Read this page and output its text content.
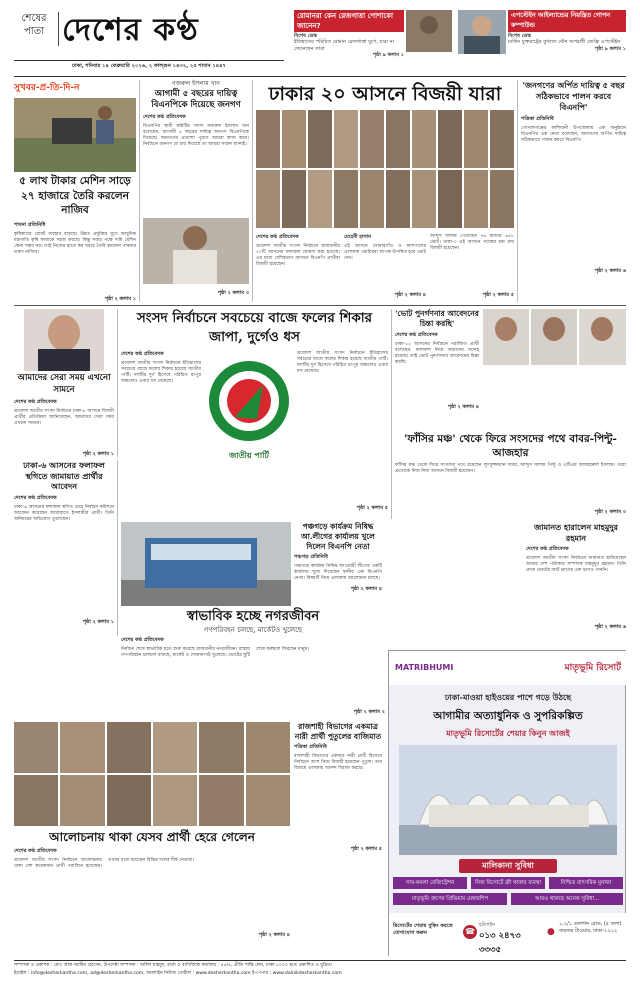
শেষের
পাতা দেশের কণ্ঠ
ঢাকা, শনিবার ১৪ ফেব্রুয়ারি ২০২৬, ২ ফাল্গুন ১৪৩২, ২৫ শাবান ১৪৪৭
রোমানরা কেন রেজগাত্তা পোশাকো জানেন?
বিশেষ ডেস্ক
ইতিহাসের পরিচিত রোমান রেজগাত্তা যুগে, যারা না জেনেছেন তারা
পৃষ্ঠা ৯ কলাম ১
এপস্টেইন আইল্যান্ডের নিয়ন্ত্রিত গোপন কম্পাউন্ড
বিশেষ ডেস্ক
মার্কিন যুক্তরাষ্ট্রের কুখ্যাত যৌন অপরাধী জেফ্রি এপস্টেইন
পৃষ্ঠা ৯ কলাম ১
সুখবর-প্র-তি-দি-ন
৫ লাখ টাকার মেশিন সাড়ে ২৭ হাজারে তৈরি করলেন নাজিব
পাবনা প্রতিনিধি
কৃষিকাজে রোবট ব্যবহার বাড়ছে। উন্নত প্রযুক্তির যুগে আধুনিক যন্ত্রপাতি কৃষি কাজকে সহজ করছে। কিন্তু সবার পক্ষে দামি মেশিন কেনা সম্ভব নয়। তাই নিজের হাতে কম খরচে তৈরি করলেন পাবনার তরুণ নাজিব।
পৃষ্ঠা ২ কলাম ১
নজরুল ইসলাম খান
আগামী ৫ বছরের দায়িত্ব বিএনপিকে দিয়েছে জনগণ
দেশের কণ্ঠ প্রতিবেদক
বিএনপির স্থায়ী কমিটির সদস্য নজরুল ইসলাম খান বলেছেন, আগামী ৫ বছরের দায়িত্ব জনগণ বিএনপিকে দিয়েছে। জনগণের প্রত্যাশা পূরণে আমরা কাজ করব। নির্বাচনে জনগণ যে রায় দিয়েছে তা আমরা সম্মান জানাই।
পৃষ্ঠা ২ কলাম ৩
ঢাকার ২০ আসনে বিজয়ী যারা
দেশের কণ্ঠ প্রতিবেদক
ত্রয়োদশ জাতীয় সংসদ নির্বাচনে রাজধানীর ২০টি আসনের ফলাফল ঘোষণা করা হয়েছে। এর মধ্যে বেশিরভাগ আসনে বিএনপি প্রার্থীরা বিজয়ী হয়েছেন।
মেহেদী হাসান
এই আসনে সোনারগাঁও ও আশপাশের এলাকায় ভোটাররা ব্যাপক উপস্থিত হয়ে ভোট দেন।
পৃষ্ঠা ২ কলাম ৪
আব্দুস সালাম পেয়েছেন ৭৬ হাজার ৬৫৮ ভোট। ঢাকা-৩ এই আসনে গয়েশ্বর চন্দ্র রায় বিজয়ী হয়েছেন।
পৃষ্ঠা ২ কলাম ৫
'জনগণের অর্পিত দায়িত্ব ৫ বছর সঠিকভাবে পালন করবে বিএনপি'
পত্রিকা প্রতিনিধি
গোপালগঞ্জের কাশিয়ানী উপজেলায় এক অনুষ্ঠানে বিএনপির এক নেতা বলেছেন, জনগণের অর্পিত দায়িত্ব সঠিকভাবে পালন করবে বিএনপি।
পৃষ্ঠা ২ কলাম ৬
আমাদের সেরা সময় এখনো সামনে
দেশের কণ্ঠ প্রতিবেদক
ত্রয়োদশ জাতীয় সংসদ নির্বাচনে ঢাকা-৮ আসনে বিজয়ী প্রার্থীর প্রতিক্রিয়া জানিয়েছেন, আমাদের সেরা সময় এখনো সামনে।
পৃষ্ঠা ২ কলাম ১
সংসদ নির্বাচনে সবচেয়ে বাজে ফলের শিকার জাপা, দুর্গেও ধস
দেশের কণ্ঠ প্রতিবেদক
ত্রয়োদশ জাতীয় সংসদ নির্বাচনে ইতিহাসের সবচেয়ে বাজে ফলের শিকার হয়েছে জাতীয় পার্টি। দলটির দুর্গ হিসেবে পরিচিত রংপুর অঞ্চলেও এবার ধস নেমেছে।
জাতীয় পার্টি
ত্রয়োদশ জাতীয় সংসদ নির্বাচনে ইতিহাসের সবচেয়ে বাজে ফলের শিকার হয়েছে জাতীয় পার্টি। দলটির দুর্গ হিসেবে পরিচিত রংপুর অঞ্চলেও এবার ধস নেমেছে।
পৃষ্ঠা ২ কলাম ৫
'ভোট পুনর্গণনার আবেদনের চিন্তা করছি'
দেশের কণ্ঠ প্রতিবেদক
ঢাকা-১২ আসনের নির্বাচনে পরাজিত প্রার্থী বলেছেন, ফলাফল নিয়ে আমাদের সন্দেহ রয়েছে। তাই ভোট পুনর্গণনার আবেদনের চিন্তা করছি।
পৃষ্ঠা ২ কলাম ৪
'ফাঁসির মঞ্চ' থেকে ফিরে সংসদের পথে বাবর-পিন্টু-আজহার
ফাঁসির মঞ্চ থেকে ফিরে সংসদের পথে রয়েছেন লুৎফুজ্জামান বাবর, আব্দুস সালাম পিন্টু ও এটিএম আজহারুল ইসলাম। তারা প্রত্যেকে নিজ নিজ আসনে বিজয়ী হয়েছেন।
পৃষ্ঠা ২ কলাম ৩
জামানত হারালেন মাহমুদুর রহমান
দেশের কণ্ঠ প্রতিবেদক
ত্রয়োদশ জাতীয় সংসদ নির্বাচনে জামানত হারিয়েছেন আমার দেশ পত্রিকার সম্পাদক মাহমুদুর রহমান। তিনি প্রদত্ত ভোটের আট ভাগের এক ভাগও পাননি।
পৃষ্ঠা ২ কলাম ৬
ঢাকা-৬ আসনের ফলাফল স্থগিতে জামায়াত প্রার্থীর আবেদন
দেশের কণ্ঠ প্রতিবেদক
ঢাকা-৬ আসনের ফলাফল স্থগিত চেয়ে নির্বাচন কমিশনে আবেদন করেছেন জামায়াতে ইসলামীর প্রার্থী। তিনি অনিয়মের অভিযোগ তুলেছেন।
পৃষ্ঠা ২ কলাম ১	স্বাভাবিক হচ্ছে নগরজীবন
গণপরিবহন চলছে, মার্কেটও খুলেছে
দেশের কণ্ঠ প্রতিবেদক
নির্বাচন শেষে স্বাভাবিক হতে শুরু করেছে রাজধানীর নগরজীবন। রাস্তায় গণপরিবহন চলাচল বাড়ছে, মার্কেট ও দোকানপাট খুলেছে। ভোটের ছুটি শেষে কর্মস্থলে ফিরছেন মানুষ।
পৃষ্ঠা ২ কলাম ২
পঞ্চগড়ে কার্যক্রম নিষিদ্ধ আ.লীগের কার্যালয় খুলে দিলেন বিএনপি নেতা
পঞ্চগড় প্রতিনিধি
পঞ্চগড়ে কার্যক্রম নিষিদ্ধ আওয়ামী লীগের একটি কার্যালয় খুলে দিয়েছেন স্থানীয় এক বিএনপি নেতা। বিষয়টি নিয়ে এলাকায় আলোচনা চলছে।
পৃষ্ঠা ২ কলাম ৪
রাজশাহী বিভাগের একমাত্র নারী প্রার্থী পুতুলের বাজিমাত
পত্রিকা প্রতিনিধি
রাজশাহী বিভাগের একমাত্র নারী প্রার্থী হিসেবে নির্বাচনে অংশ নিয়ে বিজয়ী হয়েছেন পুতুল। তার বিজয়ে এলাকায় আনন্দ বিরাজ করছে।
পৃষ্ঠা ২ কলাম ৫
আলোচনায় থাকা যেসব প্রার্থী হেরে গেলেন
দেশের কণ্ঠ প্রতিবেদক
ত্রয়োদশ জাতীয় সংসদ নির্বাচনে আলোচনায় থাকা বেশ কয়েকজন প্রার্থী পরাজিত হয়েছেন। তাদের মধ্যে রয়েছেন বিভিন্ন দলের শীর্ষ নেতারা।
পৃষ্ঠা ২ কলাম ৪
MATRIBHUMI	মাতৃভূমি রিসোর্ট
ঢাকা-মাওয়া হাইওয়ের পাশে গড়ে উঠছে
আগামীর অত্যাধুনিক ও সুপরিকল্পিত
মাতৃভূমি রিসোর্টের শেয়ার কিনুন আজই
মালিকানা সুবিধা
সাব-কবলা রেজিস্ট্রেশন	নিজ রিসোর্টে ফ্রী থাকার ব্যবস্থা	নিশ্চিত বাৎসরিক মুনাফা
মাতৃভূমি গ্রুপের প্রিভিয়াম মেম্বারশিপ	আরও থাকছে অনেক সুবিধা...
রিসোর্টের শেয়ার বুকিং করতে যোগাযোগ করুন	☎
হটলাইন
০১৩ ২৪৭৩ ৩৩৩৫
●
১,২/১ গুলশান রোড, (৫ তলা) জমজম টাওয়ার, ঢাকা-১২১২
সম্পাদক ও প্রকাশক : মোঃ আল-আমীন হোসেন, উপদেষ্টা সম্পাদক : খালিদ মাহমুদ, বার্তা ও বাণিজ্যিক কার্যালয় : ৪৫/৫, প্রীতি শান্তি লেন, ঢাকা-১০০০ হতে প্রকাশিত ও মুদ্রিত।
ইমেইল : info@desherkantha.com, ad@desherkantha.com, অনলাইন নিউজ পোর্টাল : www.desherkantha.com ই-পেপার : www.dainikdesherkantha.com
